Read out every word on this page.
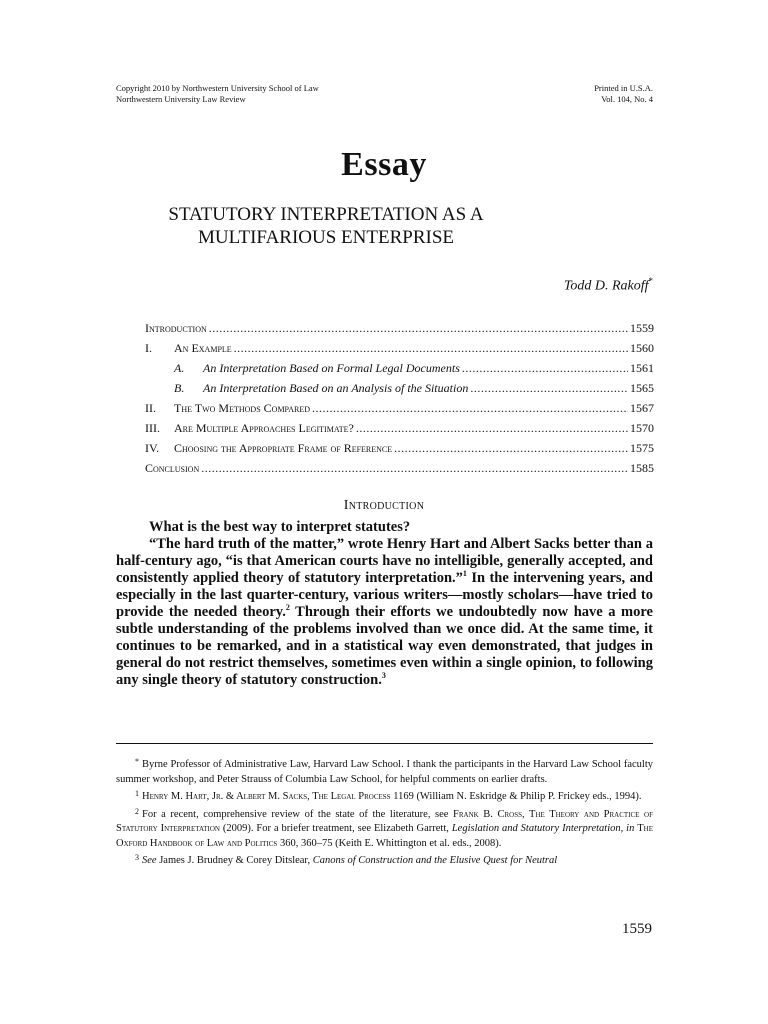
Copyright 2010 by Northwestern University School of Law
Northwestern University Law Review
Printed in U.S.A.
Vol. 104, No. 4
Essay
STATUTORY INTERPRETATION AS A
MULTIFARIOUS ENTERPRISE
Todd D. Rakoff*
Introduction .....	1559
I.	An Example .....	1560
A.	An Interpretation Based on Formal Legal Documents .....	1561
B.	An Interpretation Based on an Analysis of the Situation .....	1565
II.	The Two Methods Compared .....	1567
III.	Are Multiple Approaches Legitimate? .....	1570
IV.	Choosing the Appropriate Frame of Reference .....	1575
Conclusion .....	1585
Introduction

What is the best way to interpret statutes?

“The hard truth of the matter,” wrote Henry Hart and Albert Sacks better than a half-century ago, “is that American courts have no intelligible, generally accepted, and consistently applied theory of statutory interpretation.”$^1$ In the intervening years, and especially in the last quarter-century, various writers—mostly scholars—have tried to provide the needed theory.$^2$ Through their efforts we undoubtedly now have a more subtle understanding of the problems involved than we once did. At the same time, it continues to be remarked, and in a statistical way even demonstrated, that judges in general do not restrict themselves, sometimes even within a single opinion, to following any single theory of statutory construction.$^3$

* Byrne Professor of Administrative Law, Harvard Law School. I thank the participants in the Harvard Law School faculty summer workshop, and Peter Strauss of Columbia Law School, for helpful comments on earlier drafts.

$^1$ Henry M. Hart, Jr. & Albert M. Sacks, The Legal Process 1169 (William N. Eskridge & Philip P. Frickey eds., 1994).

$^2$ For a recent, comprehensive review of the state of the literature, see Frank B. Cross, The Theory and Practice of Statutory Interpretation (2009). For a briefer treatment, see Elizabeth Garrett, Legislation and Statutory Interpretation, in The Oxford Handbook of Law and Politics 360, 360–75 (Keith E. Whittington et al. eds., 2008).

$^3$ See James J. Brudney & Corey Ditslear, Canons of Construction and the Elusive Quest for Neutral

1559
